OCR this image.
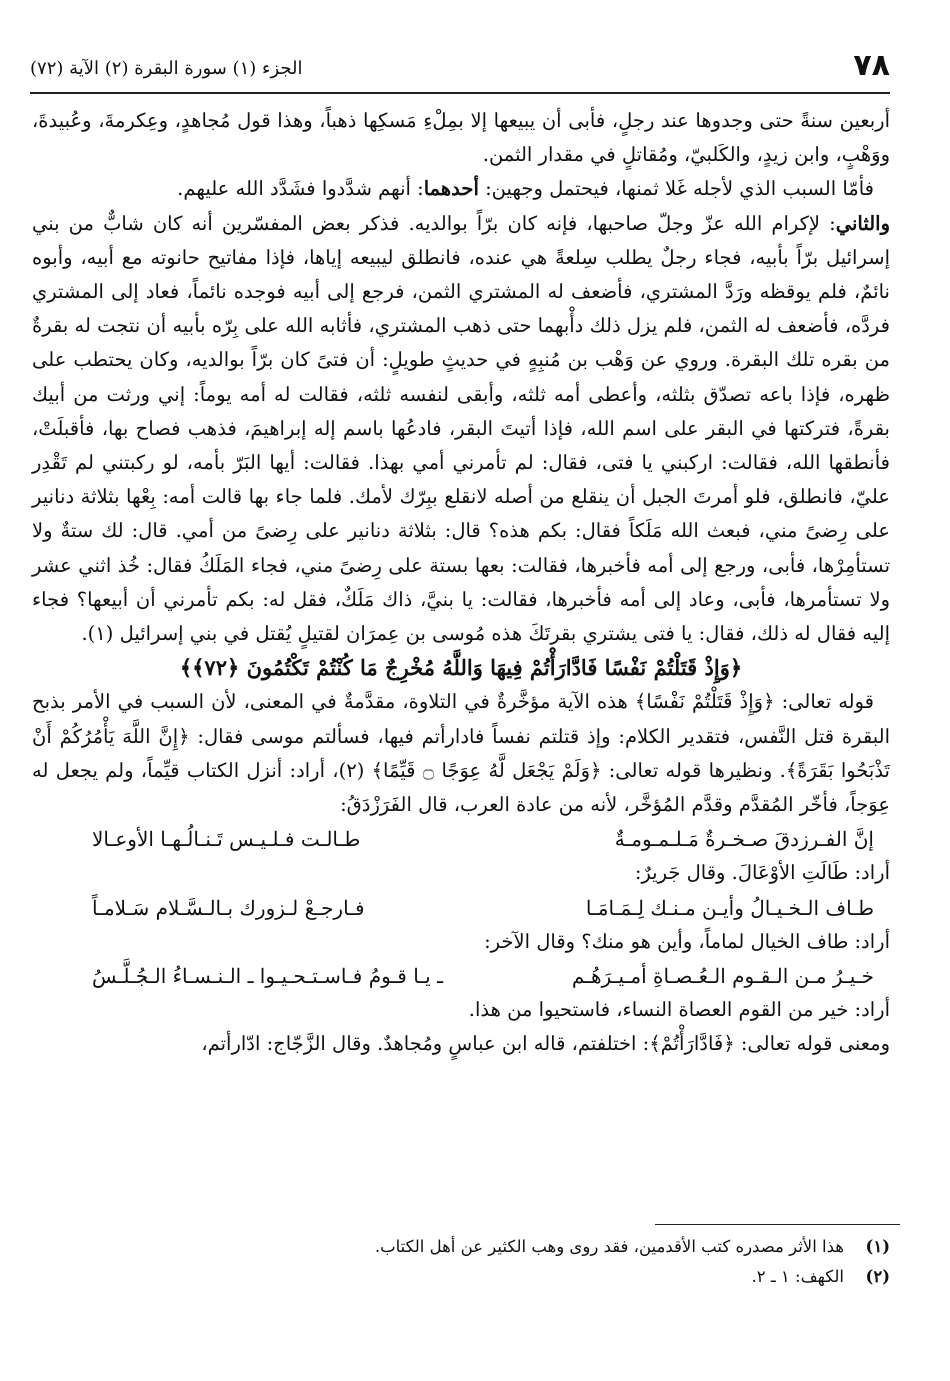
٧٨
الجزء (١) سورة البقرة (٢) الآية (٧٢)

أربعين سنةً حتى وجدوها عند رجلٍ، فأبى أن يبيعها إلا بمِلْءِ مَسكِها ذهباً، وهذا قول مُجاهدٍ، وعِكرمةَ، وعُبيدةَ، ووَهْبٍ، وابن زيدٍ، والكَلبيّ، ومُقاتلٍ في مقدار الثمن.

فأمّا السبب الذي لأجله غَلا ثمنها، فيحتمل وجهين: أحدهما: أنهم شدَّدوا فشَدَّد الله عليهم.

والثاني: لإكرام الله عزّ وجلّ صاحبها، فإنه كان برّاً بوالديه. فذكر بعض المفسّرين أنه كان شابٌّ من بني إسرائيل برّاً بأبيه، فجاء رجلٌ يطلب سِلعةً هي عنده، فانطلق ليبيعه إياها، فإذا مفاتيح حانوته مع أبيه، وأبوه نائمٌ، فلم يوقظه ورَدَّ المشتري، فأضعف له المشتري الثمن، فرجع إلى أبيه فوجده نائماً، فعاد إلى المشتري فردَّه، فأضعف له الثمن، فلم يزل ذلك دأْبهما حتى ذهب المشتري، فأثابه الله على بِرّه بأبيه أن نتجت له بقرةٌ من بقره تلك البقرة. وروي عن وَهْب بن مُنبِهٍ في حديثٍ طويلٍ: أن فتىً كان برّاً بوالديه، وكان يحتطب على ظهره، فإذا باعه تصدّق بثلثه، وأعطى أمه ثلثه، وأبقى لنفسه ثلثه، فقالت له أمه يوماً: إني ورثت من أبيك بقرةً، فتركتها في البقر على اسم الله، فإذا أتيتَ البقر، فادعُها باسم إله إبراهيمَ، فذهب فصاح بها، فأقبلَتْ، فأنطقها الله، فقالت: اركبني يا فتى، فقال: لم تأمرني أمي بهذا. فقالت: أيها البَرّ بأمه، لو ركبتني لم تَقْدِر عليّ، فانطلق، فلو أمرتَ الجبل أن ينقلع من أصله لانقلع ببِرّك لأمك. فلما جاء بها قالت أمه: بِعْها بثلاثة دنانير على رِضىً مني، فبعث الله مَلَكاً فقال: بكم هذه؟ قال: بثلاثة دنانير على رِضىً من أمي. قال: لك ستةٌ ولا تستأمِرْها، فأبى، ورجع إلى أمه فأخبرها، فقالت: بعها بستة على رِضىً مني، فجاء المَلَكُ فقال: خُذ اثني عشر ولا تستأمرها، فأبى، وعاد إلى أمه فأخبرها، فقالت: يا بنيَّ، ذاك مَلَكٌ، فقل له: بكم تأمرني أن أبيعها؟ فجاء إليه فقال له ذلك، فقال: يا فتى يشتري بقرتَكَ هذه مُوسى بن عِمرَان لقتيلٍ يُقتل في بني إسرائيل (١).

﴿وَإِذْ قَتَلْتُمْ نَفْسًا فَادَّارَأْتُمْ فِيهَا وَاللَّهُ مُخْرِجٌ مَا كُنْتُمْ تَكْتُمُونَ ﴿٧٢﴾﴾

قوله تعالى: ﴿وَإِذْ قَتَلْتُمْ نَفْسًا﴾ هذه الآية مؤخَّرةٌ في التلاوة، مقدَّمةٌ في المعنى، لأن السبب في الأمر بذبح البقرة قتل النَّفس، فتقدير الكلام: وإذ قتلتم نفساً فادارأتم فيها، فسألتم موسى فقال: ﴿إِنَّ اللَّهَ يَأْمُرُكُمْ أَنْ تَذْبَحُوا بَقَرَةً﴾. ونظيرها قوله تعالى: ﴿وَلَمْ يَجْعَل لَّهُ عِوَجًا ۝ قَيِّمًا﴾ (٢)، أراد: أنزل الكتاب قيِّماً، ولم يجعل له عِوَجاً، فأخّر المُقدَّم وقدَّم المُؤخَّر، لأنه من عادة العرب، قال الفَرَزْدَقُ:

إنَّ الفـرزدقَ صـخـرةٌ مَـلـمـومـةٌ
طـالـت فـلـيـس تَـنـالُـهـا الأوعـالا

أراد: طَالَتِ الأوْعَالَ. وقال جَريرٌ:

طـاف الـخـيـالُ وأيـن مـنـك لِـمَـامَـا
فـارجـعْ لـزورك بـالـسَّـلام سَـلامـاً

أراد: طاف الخيال لماماً، وأين هو منك؟ وقال الآخر:

خـيـرُ مـن الـقـوم الـعُـصـاةِ أمـيـرَهُـم
ـ يـا قـومُ فـاسـتـحـيـوا ـ الـنـسـاءُ الـجُـلَّـسُ

أراد: خير من القوم العصاة النساء، فاستحيوا من هذا.

ومعنى قوله تعالى: ﴿فَادَّارَأْتُمْ﴾: اختلفتم، قاله ابن عباسٍ ومُجاهدٌ. وقال الزَّجّاج: ادّارأتم،

(١)
هذا الأثر مصدره كتب الأقدمين، فقد روى وهب الكثير عن أهل الكتاب.
(٢)
الكهف: ١ ـ ٢.
